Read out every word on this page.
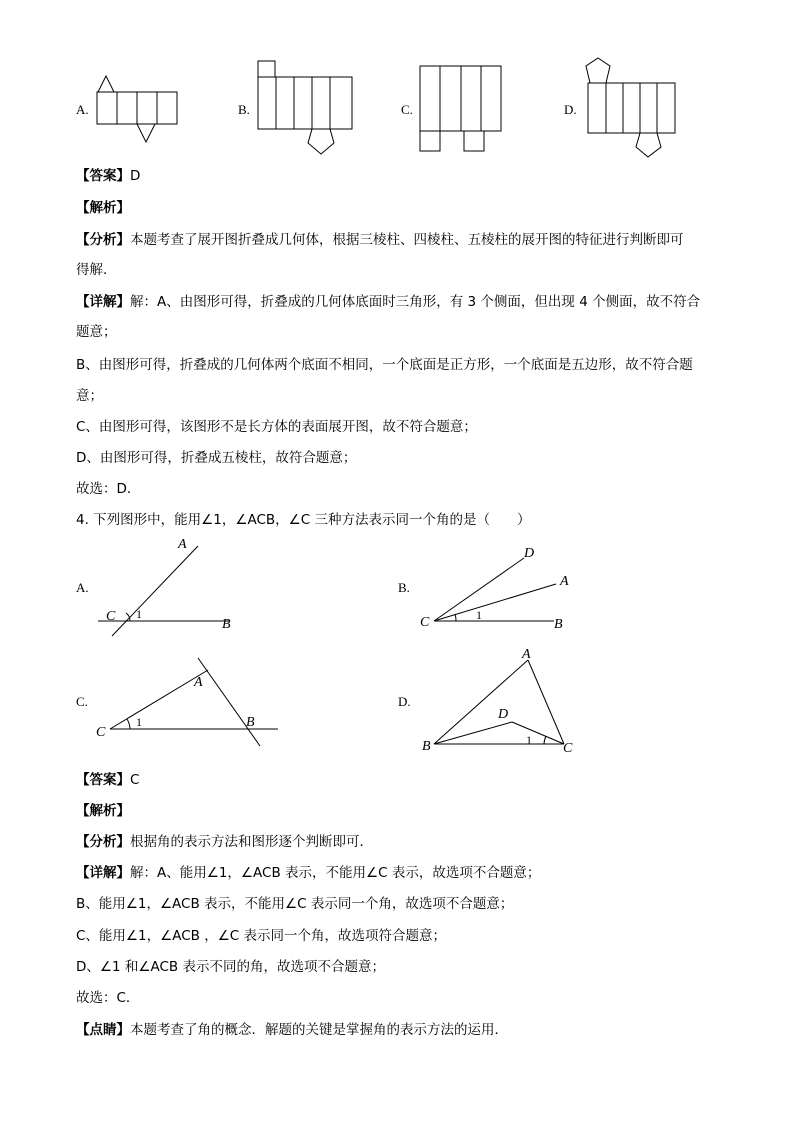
A.	B.	C.	D.
【答案】D
【解析】
【分析】本题考查了展开图折叠成几何体，根据三棱柱、四棱柱、五棱柱的展开图的特征进行判断即可
得解．
【详解】解：A、由图形可得，折叠成的几何体底面时三角形，有 3 个侧面，但出现 4 个侧面，故不符合
题意；
B、由图形可得，折叠成的几何体两个底面不相同，一个底面是正方形，一个底面是五边形，故不符合题
意；
C、由图形可得，该图形不是长方体的表面展开图，故不符合题意；
D、由图形可得，折叠成五棱柱，故符合题意；
故选：D．
4. 下列图形中，能用∠1，∠ACB，∠C 三种方法表示同一个角的是（　　）
A.
A
C 1
B
B.
D
A
C	1
B
C.
A
C
1	B
D.
A
D
B	1
C
【答案】C
【解析】
【分析】根据角的表示方法和图形逐个判断即可．
【详解】解：A、能用∠1，∠ACB 表示，不能用∠C 表示，故选项不合题意；
B、能用∠1，∠ACB 表示，不能用∠C 表示同一个角，故选项不合题意；
C、能用∠1，∠ACB ，∠C 表示同一个角，故选项符合题意；
D、∠1 和∠ACB 表示不同的角，故选项不合题意；
故选：C．
【点睛】本题考查了角的概念．解题的关键是掌握角的表示方法的运用．
